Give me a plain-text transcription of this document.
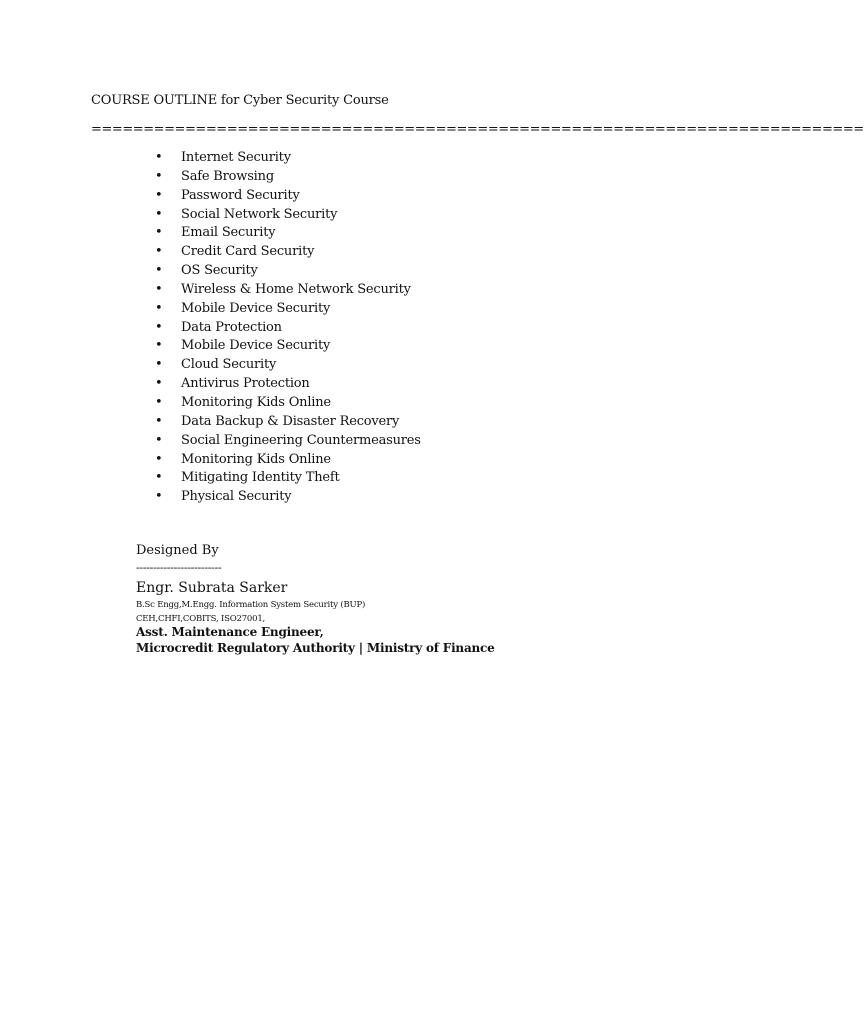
COURSE OUTLINE for Cyber Security Course
==========================================================================
• Internet Security
• Safe Browsing
• Password Security
• Social Network Security
• Email Security
• Credit Card Security
• OS Security
• Wireless & Home Network Security
• Mobile Device Security
• Data Protection
• Mobile Device Security
• Cloud Security
• Antivirus Protection
• Monitoring Kids Online
• Data Backup & Disaster Recovery
• Social Engineering Countermeasures
• Monitoring Kids Online
• Mitigating Identity Theft
• Physical Security
Designed By
-------------------------
Engr. Subrata Sarker
B.Sc Engg,M.Engg. Information System Security (BUP)
CEH,CHFI,COBITS, ISO27001,
Asst. Maintenance Engineer,
Microcredit Regulatory Authority | Ministry of Finance
